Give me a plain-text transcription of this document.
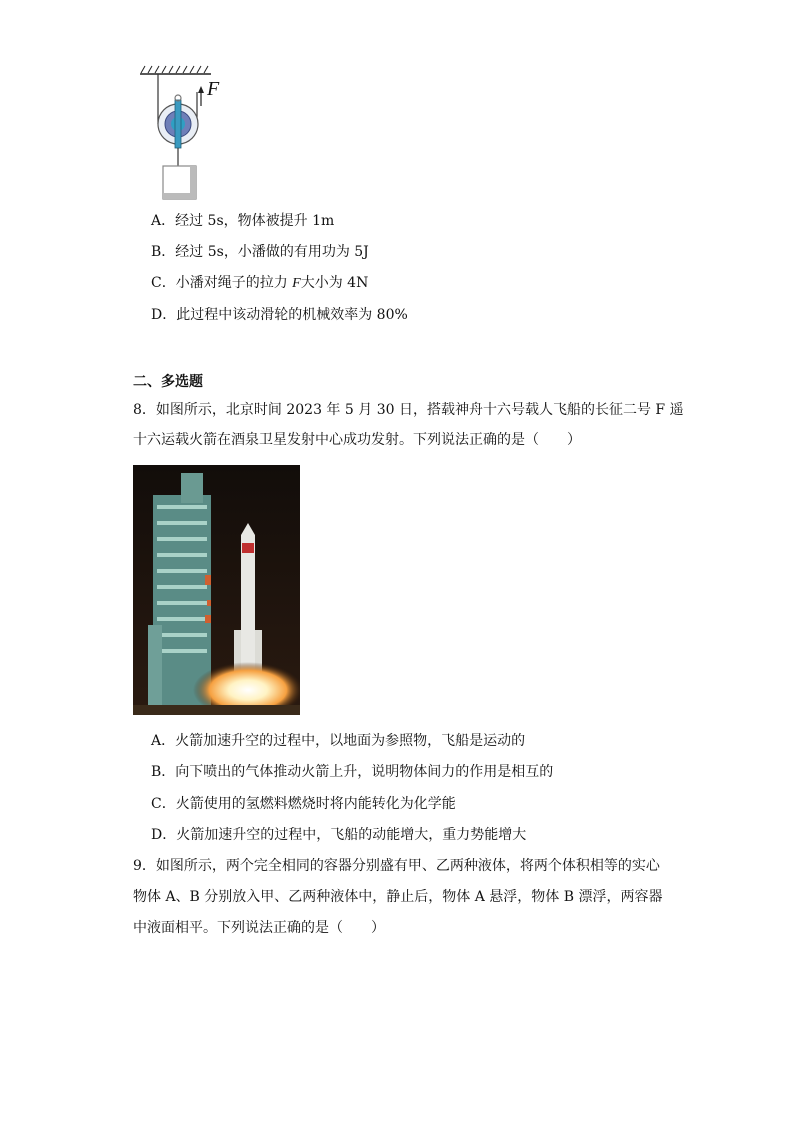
F
A．经过 5s，物体被提升 1m
B．经过 5s，小潘做的有用功为 5J
C．小潘对绳子的拉力 F大小为 4N
D．此过程中该动滑轮的机械效率为 80%
二、多选题
8．如图所示，北京时间 2023 年 5 月 30 日，搭载神舟十六号载人飞船的长征二号 F 遥
十六运载火箭在酒泉卫星发射中心成功发射。下列说法正确的是（　　）
A．火箭加速升空的过程中，以地面为参照物，飞船是运动的
B．向下喷出的气体推动火箭上升，说明物体间力的作用是相互的
C．火箭使用的氢燃料燃烧时将内能转化为化学能
D．火箭加速升空的过程中，飞船的动能增大，重力势能增大
9．如图所示，两个完全相同的容器分别盛有甲、乙两种液体，将两个体积相等的实心
物体 A、B 分别放入甲、乙两种液体中，静止后，物体 A 悬浮，物体 B 漂浮，两容器
中液面相平。下列说法正确的是（　　）
